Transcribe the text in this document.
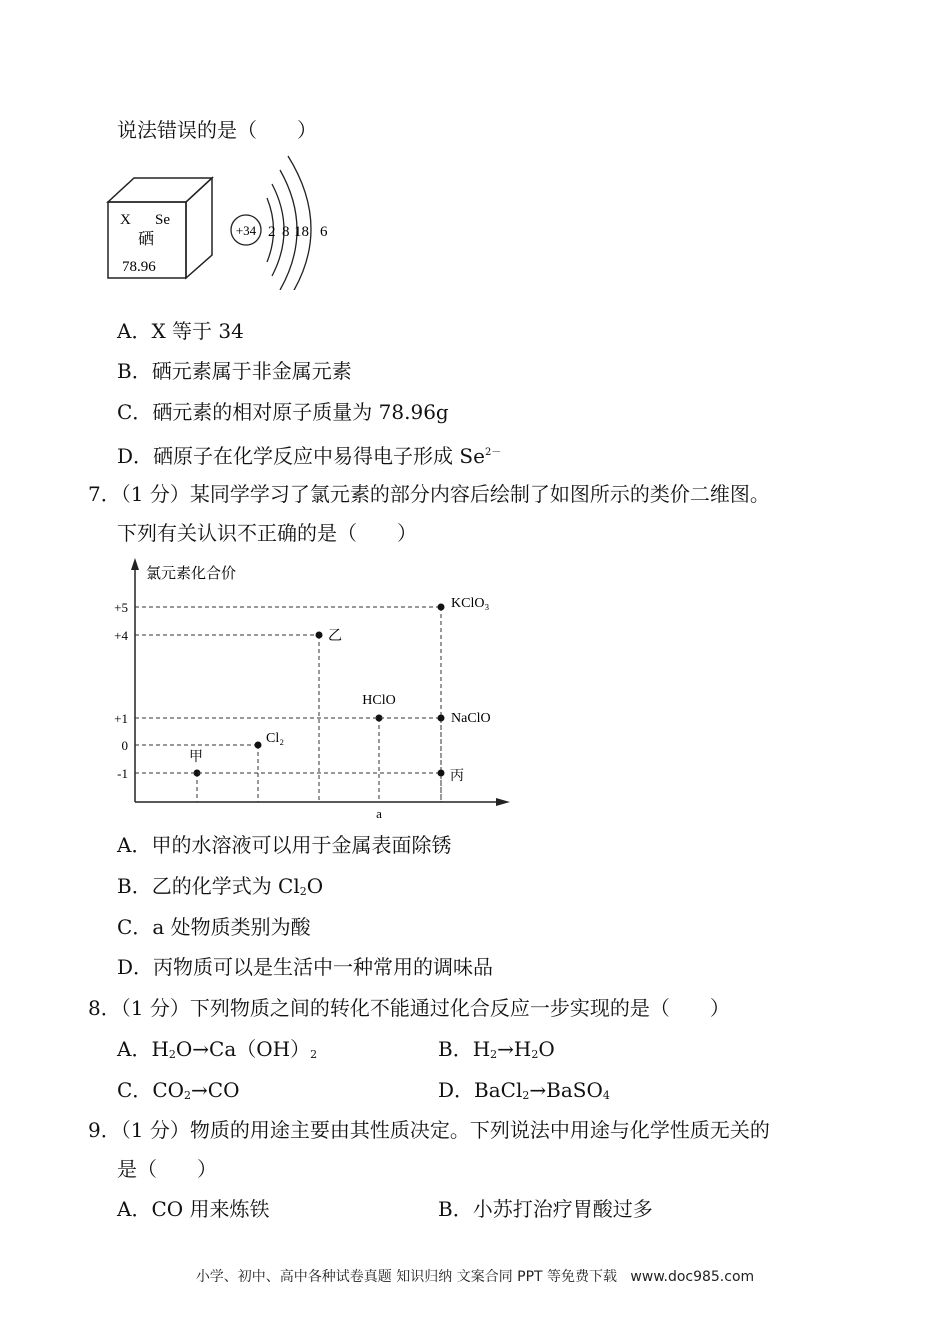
说法错误的是（　　）
X Se
硒
78.96
+34 2 8 18 6
A．X 等于 34
B．硒元素属于非金属元素
C．硒元素的相对原子质量为 78.96g
D．硒原子在化学反应中易得电子形成 $Se^{2-}$
7．（1 分）某同学学习了氯元素的部分内容后绘制了如图所示的类价二维图。
下列有关认识不正确的是（　　）
氯元素化合价
+5
+4
+1
0
-1
甲
Cl₂
乙
HClO
KClO₃
NaClO
丙
a
A．甲的水溶液可以用于金属表面除锈
B．乙的化学式为 $Cl_2O$
C．a 处物质类别为酸
D．丙物质可以是生活中一种常用的调味品
8．（1 分）下列物质之间的转化不能通过化合反应一步实现的是（　　）
A．$H_2O\to Ca(OH)_2$	B．$H_2\to H_2O$
C．$CO_2\to CO$	D．BaCl$_2$→BaSO$_4$
9．（1 分）物质的用途主要由其性质决定。下列说法中用途与化学性质无关的
是（　　）
A．CO 用来炼铁	B．小苏打治疗胃酸过多
小学、初中、高中各种试卷真题 知识归纳 文案合同 PPT 等免费下载 www.doc985.com
